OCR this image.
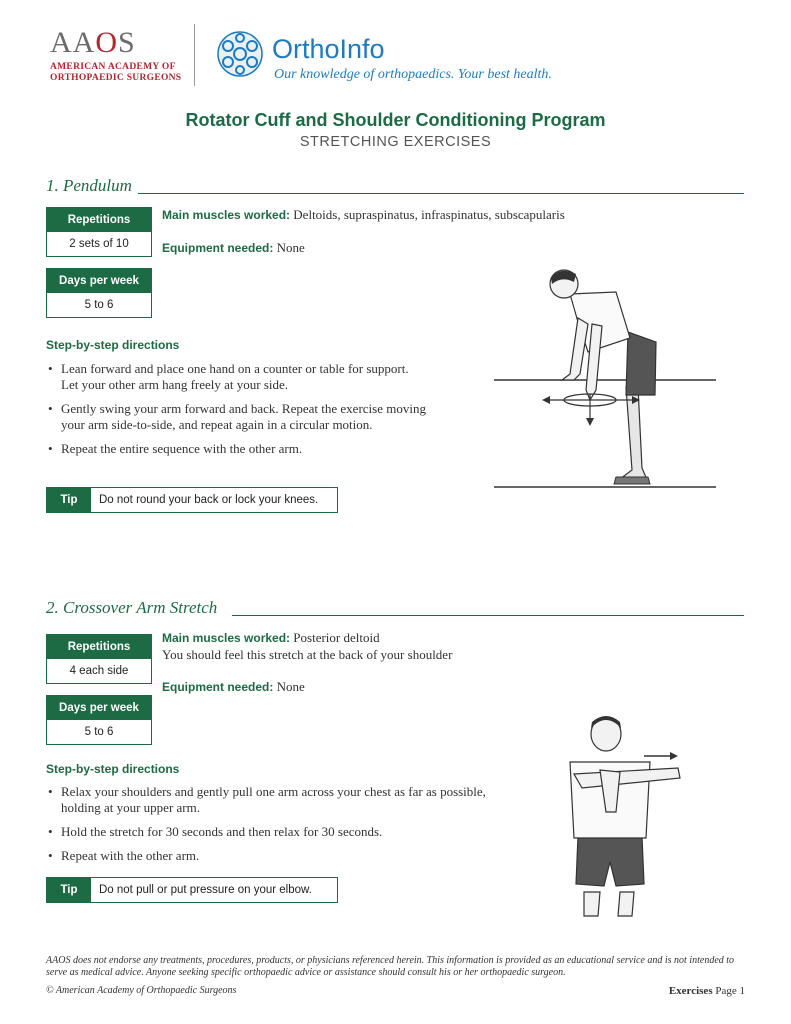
AAOS
AMERICAN ACADEMY OF
ORTHOPAEDIC SURGEONS
OrthoInfo
Our knowledge of orthopaedics. Your best health.
Rotator Cuff and Shoulder Conditioning Program
STRETCHING EXERCISES
1. Pendulum
Repetitions
2 sets of 10
Days per week
5 to 6
Main muscles worked: Deltoids, supraspinatus, infraspinatus, subscapularis
Equipment needed: None
Step-by-step directions
• Lean forward and place one hand on a counter or table for support. Let your other arm hang freely at your side.
• Gently swing your arm forward and back. Repeat the exercise moving your arm side-to-side, and repeat again in a circular motion.
• Repeat the entire sequence with the other arm.
Tip	Do not round your back or lock your knees.
2. Crossover Arm Stretch
Repetitions
4 each side
Days per week
5 to 6
Main muscles worked: Posterior deltoid
You should feel this stretch at the back of your shoulder
Equipment needed: None
Step-by-step directions
• Relax your shoulders and gently pull one arm across your chest as far as possible, holding at your upper arm.
• Hold the stretch for 30 seconds and then relax for 30 seconds.
• Repeat with the other arm.
Tip	Do not pull or put pressure on your elbow.
AAOS does not endorse any treatments, procedures, products, or physicians referenced herein. This information is provided as an educational service and is not intended to serve as medical advice. Anyone seeking specific orthopaedic advice or assistance should consult his or her orthopaedic surgeon.
© American Academy of Orthopaedic Surgeons	Exercises Page 1
